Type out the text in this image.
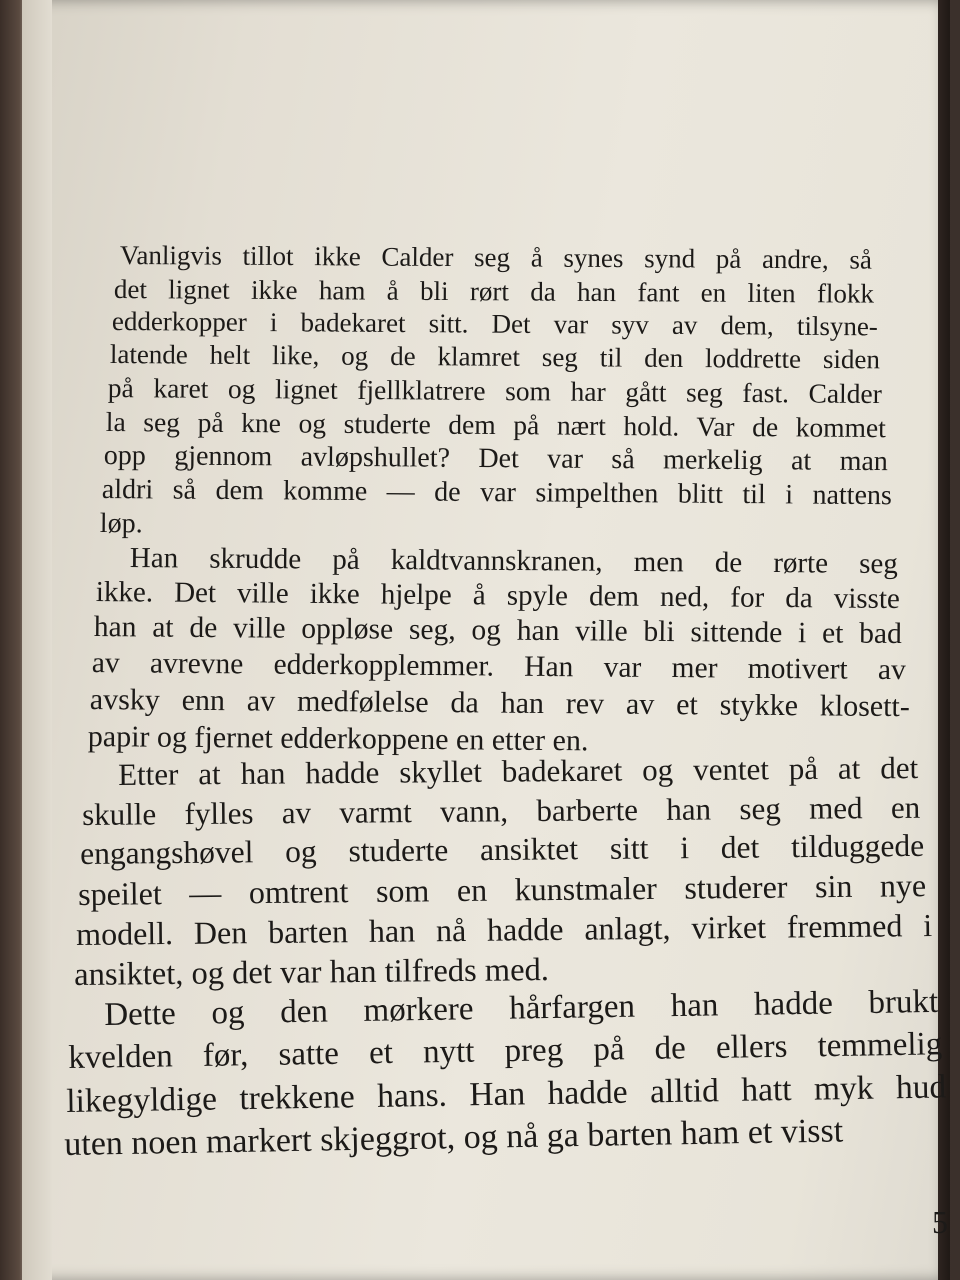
Vanligvis tillot ikke Calder seg å synes synd på andre, så
det lignet ikke ham å bli rørt da han fant en liten flokk
edderkopper i badekaret sitt. Det var syv av dem, tilsyne-
latende helt like, og de klamret seg til den loddrette siden
på karet og lignet fjellklatrere som har gått seg fast. Calder
la seg på kne og studerte dem på nært hold. Var de kommet
opp gjennom avløpshullet? Det var så merkelig at man
aldri så dem komme — de var simpelthen blitt til i nattens
løp.
Han skrudde på kaldtvannskranen, men de rørte seg
ikke. Det ville ikke hjelpe å spyle dem ned, for da visste
han at de ville oppløse seg, og han ville bli sittende i et bad
av avrevne edderkopplemmer. Han var mer motivert av
avsky enn av medfølelse da han rev av et stykke klosett-
papir og fjernet edderkoppene en etter en.
Etter at han hadde skyllet badekaret og ventet på at det
skulle fylles av varmt vann, barberte han seg med en
engangshøvel og studerte ansiktet sitt i det tilduggede
speilet — omtrent som en kunstmaler studerer sin nye
modell. Den barten han nå hadde anlagt, virket fremmed i
ansiktet, og det var han tilfreds med.
Dette og den mørkere hårfargen han hadde brukt
kvelden før, satte et nytt preg på de ellers temmelig
likegyldige trekkene hans. Han hadde alltid hatt myk hud
uten noen markert skjeggrot, og nå ga barten ham et visst
5
